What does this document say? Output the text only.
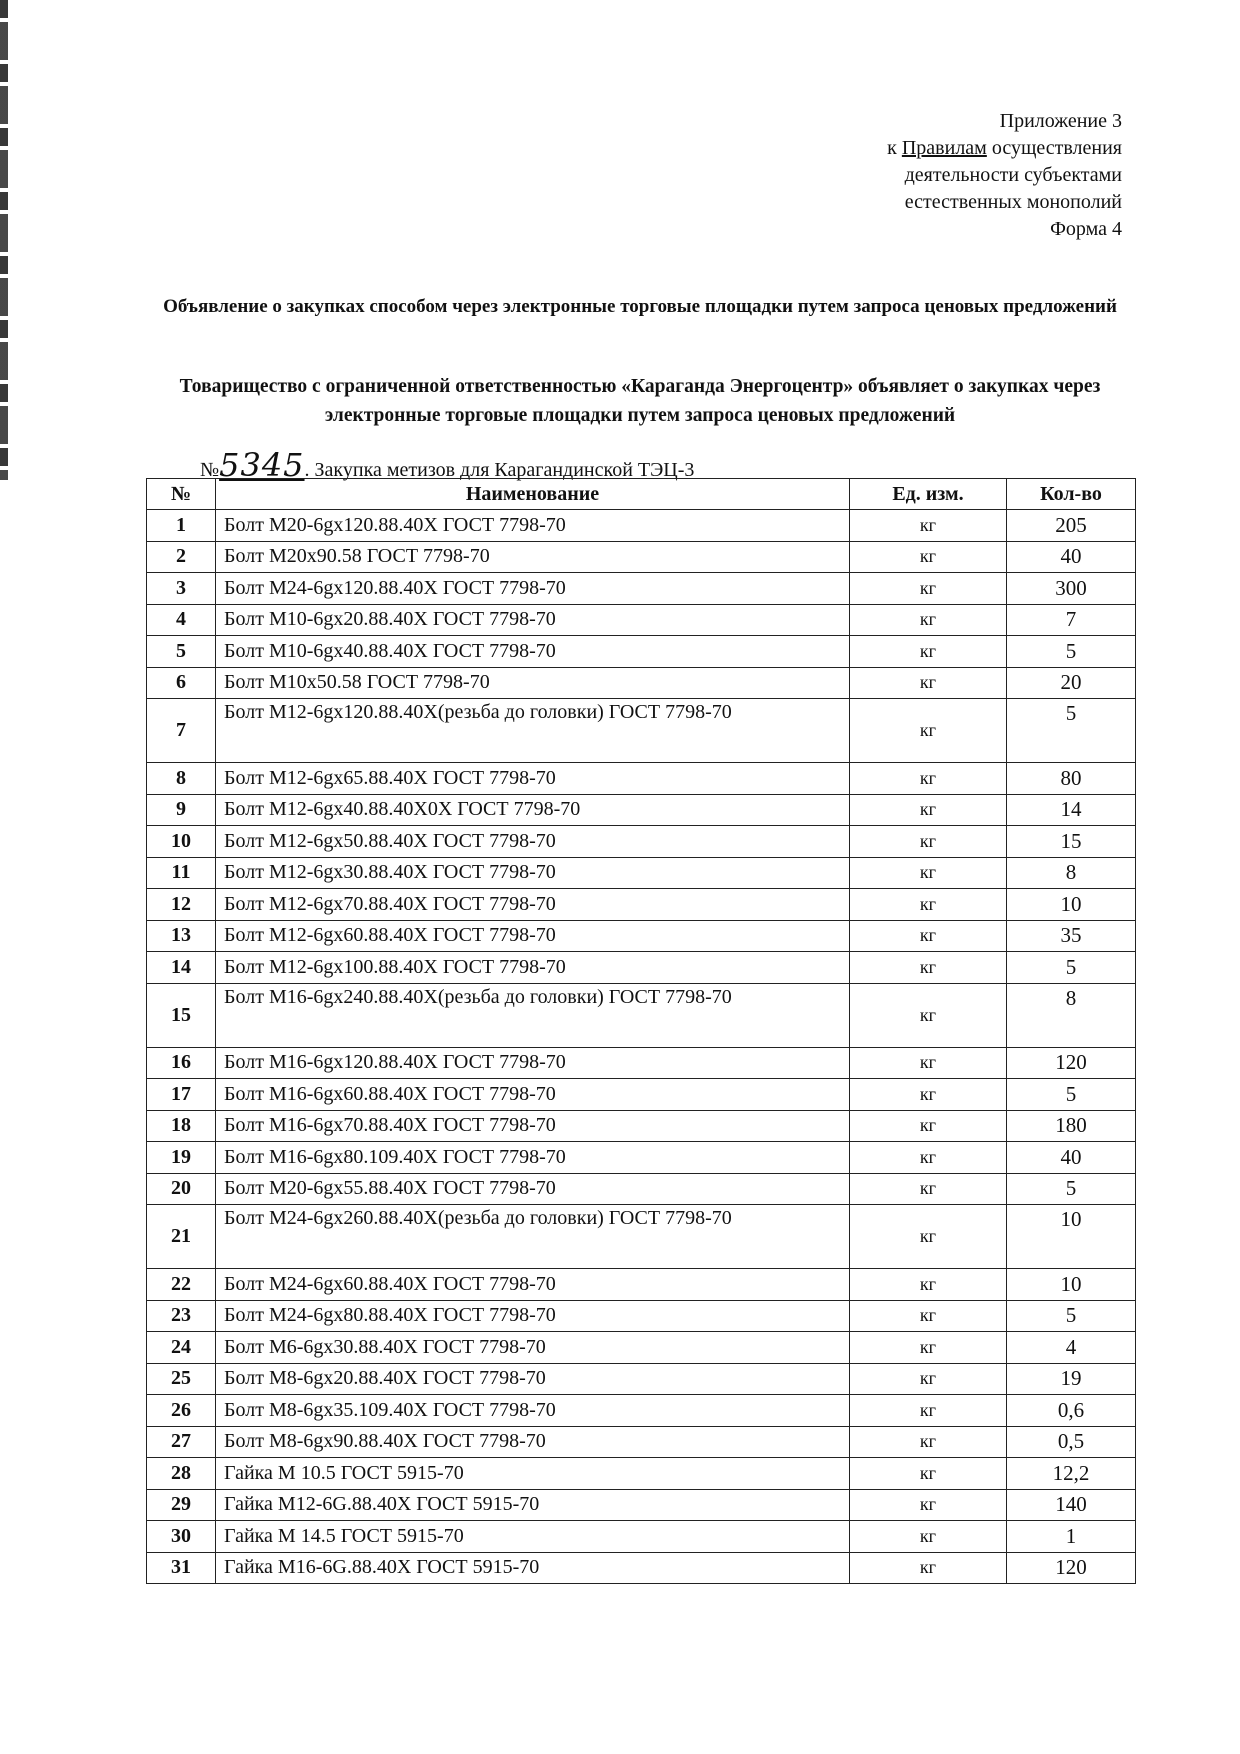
Приложение 3
к Правилам осуществления
деятельности субъектами
естественных монополий
Форма 4
Объявление о закупках способом через электронные торговые площадки путем запроса ценовых предложений
Товарищество с ограниченной ответственностью «Караганда Энергоцентр» объявляет о закупках через электронные торговые площадки путем запроса ценовых предложений
№5345. Закупка метизов для Карагандинской ТЭЦ-3
№	Наименование	Ед. изм.	Кол-во
1	Болт М20-6gx120.88.40Х ГОСТ 7798-70	кг	205
2	Болт М20х90.58 ГОСТ 7798-70	кг	40
3	Болт М24-6gx120.88.40Х ГОСТ 7798-70	кг	300
4	Болт М10-6gx20.88.40Х ГОСТ 7798-70	кг	7
5	Болт М10-6gx40.88.40Х ГОСТ 7798-70	кг	5
6	Болт М10х50.58 ГОСТ 7798-70	кг	20
7	Болт М12-6gx120.88.40Х(резьба до головки) ГОСТ 7798-70	кг	5
8	Болт М12-6gx65.88.40Х ГОСТ 7798-70	кг	80
9	Болт М12-6gx40.88.40Х0Х ГОСТ 7798-70	кг	14
10	Болт М12-6gx50.88.40Х ГОСТ 7798-70	кг	15
11	Болт М12-6gx30.88.40Х ГОСТ 7798-70	кг	8
12	Болт М12-6gx70.88.40Х ГОСТ 7798-70	кг	10
13	Болт М12-6gx60.88.40Х ГОСТ 7798-70	кг	35
14	Болт М12-6gx100.88.40Х ГОСТ 7798-70	кг	5
15	Болт М16-6gx240.88.40Х(резьба до головки) ГОСТ 7798-70	кг	8
16	Болт М16-6gx120.88.40Х ГОСТ 7798-70	кг	120
17	Болт М16-6gx60.88.40Х ГОСТ 7798-70	кг	5
18	Болт М16-6gx70.88.40Х ГОСТ 7798-70	кг	180
19	Болт М16-6gx80.109.40Х ГОСТ 7798-70	кг	40
20	Болт М20-6gx55.88.40Х ГОСТ 7798-70	кг	5
21	Болт М24-6gx260.88.40Х(резьба до головки) ГОСТ 7798-70	кг	10
22	Болт М24-6gx60.88.40Х ГОСТ 7798-70	кг	10
23	Болт М24-6gx80.88.40Х ГОСТ 7798-70	кг	5
24	Болт М6-6gx30.88.40Х ГОСТ 7798-70	кг	4
25	Болт М8-6gx20.88.40Х ГОСТ 7798-70	кг	19
26	Болт М8-6gx35.109.40Х ГОСТ 7798-70	кг	0,6
27	Болт М8-6gx90.88.40Х ГОСТ 7798-70	кг	0,5
28	Гайка М 10.5 ГОСТ 5915-70	кг	12,2
29	Гайка М12-6G.88.40Х ГОСТ 5915-70	кг	140
30	Гайка М 14.5 ГОСТ 5915-70	кг	1
31	Гайка М16-6G.88.40Х ГОСТ 5915-70	кг	120
